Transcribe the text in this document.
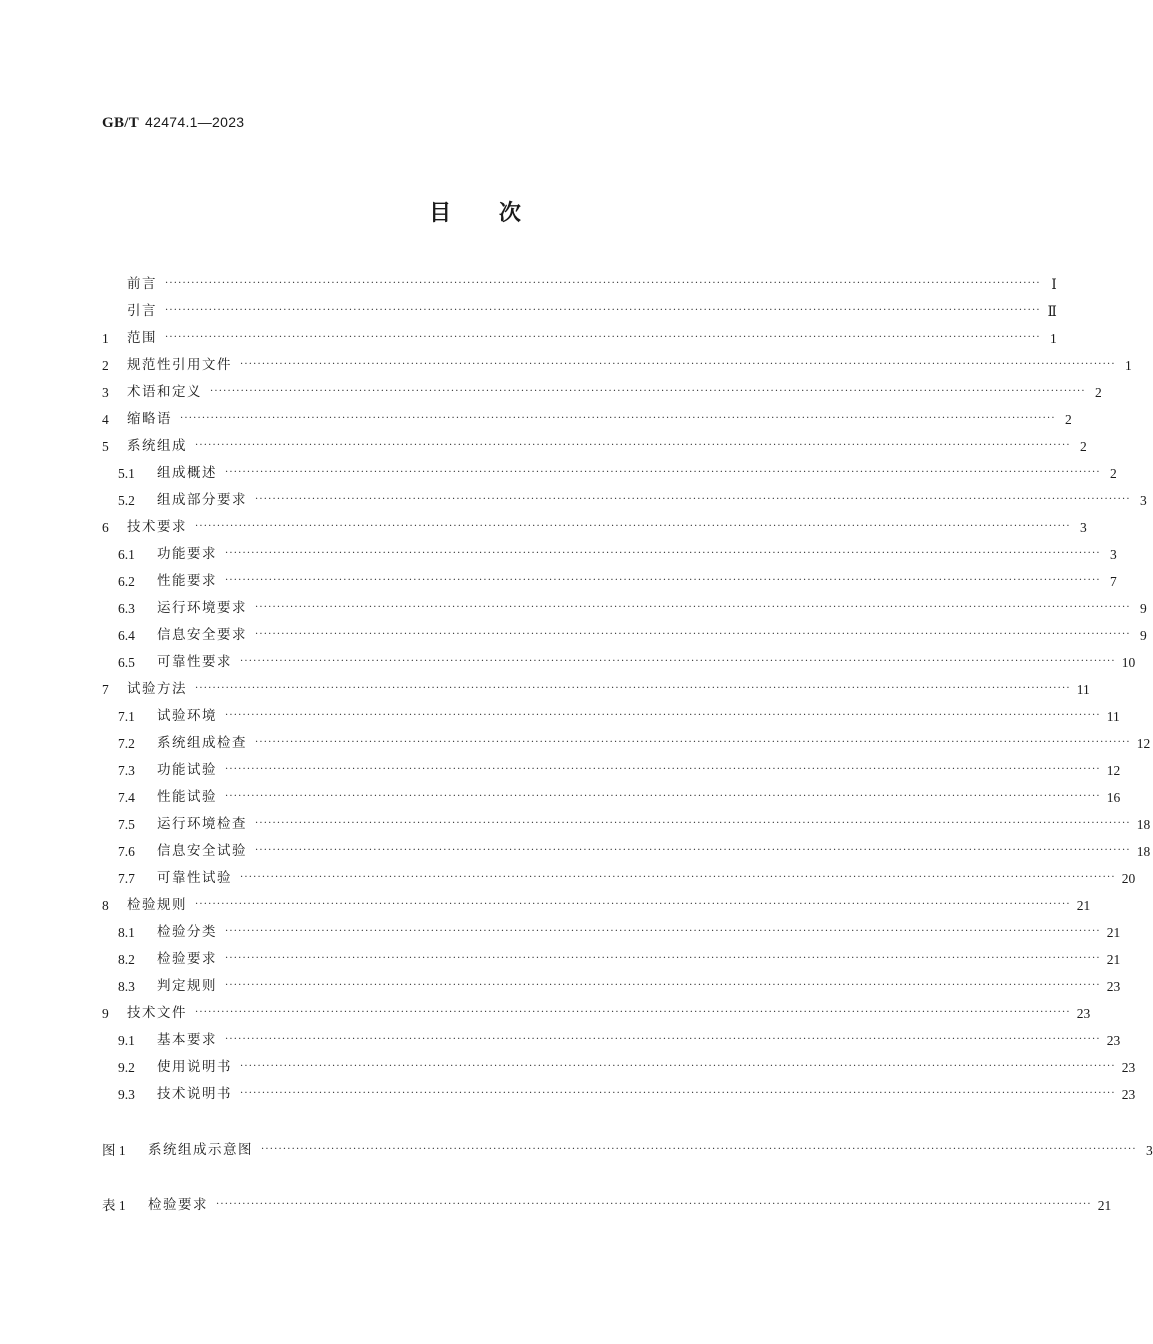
GB/T 42474.1—2023
目 次
前言 ········································································································································································································ Ⅰ
引言 ········································································································································································································ Ⅱ
1	范围 ········································································································································································································ 1
2	规范性引用文件 ········································································································································································································ 1
3	术语和定义 ········································································································································································································ 2
4	缩略语 ········································································································································································································ 2
5	系统组成 ········································································································································································································ 2
5.1	组成概述 ········································································································································································································ 2
5.2	组成部分要求 ········································································································································································································ 3
6	技术要求 ········································································································································································································ 3
6.1	功能要求 ········································································································································································································ 3
6.2	性能要求 ········································································································································································································ 7
6.3	运行环境要求 ········································································································································································································ 9
6.4	信息安全要求 ········································································································································································································ 9
6.5	可靠性要求 ········································································································································································································ 10
7	试验方法 ········································································································································································································ 11
7.1	试验环境 ········································································································································································································ 11
7.2	系统组成检查 ········································································································································································································ 12
7.3	功能试验 ········································································································································································································ 12
7.4	性能试验 ········································································································································································································ 16
7.5	运行环境检查 ········································································································································································································ 18
7.6	信息安全试验 ········································································································································································································ 18
7.7	可靠性试验 ········································································································································································································ 20
8	检验规则 ········································································································································································································ 21
8.1	检验分类 ········································································································································································································ 21
8.2	检验要求 ········································································································································································································ 21
8.3	判定规则 ········································································································································································································ 23
9	技术文件 ········································································································································································································ 23
9.1	基本要求 ········································································································································································································ 23
9.2	使用说明书 ········································································································································································································ 23
9.3	技术说明书 ········································································································································································································ 23
图 1	系统组成示意图 ········································································································································································································ 3
表 1	检验要求 ········································································································································································································ 21
